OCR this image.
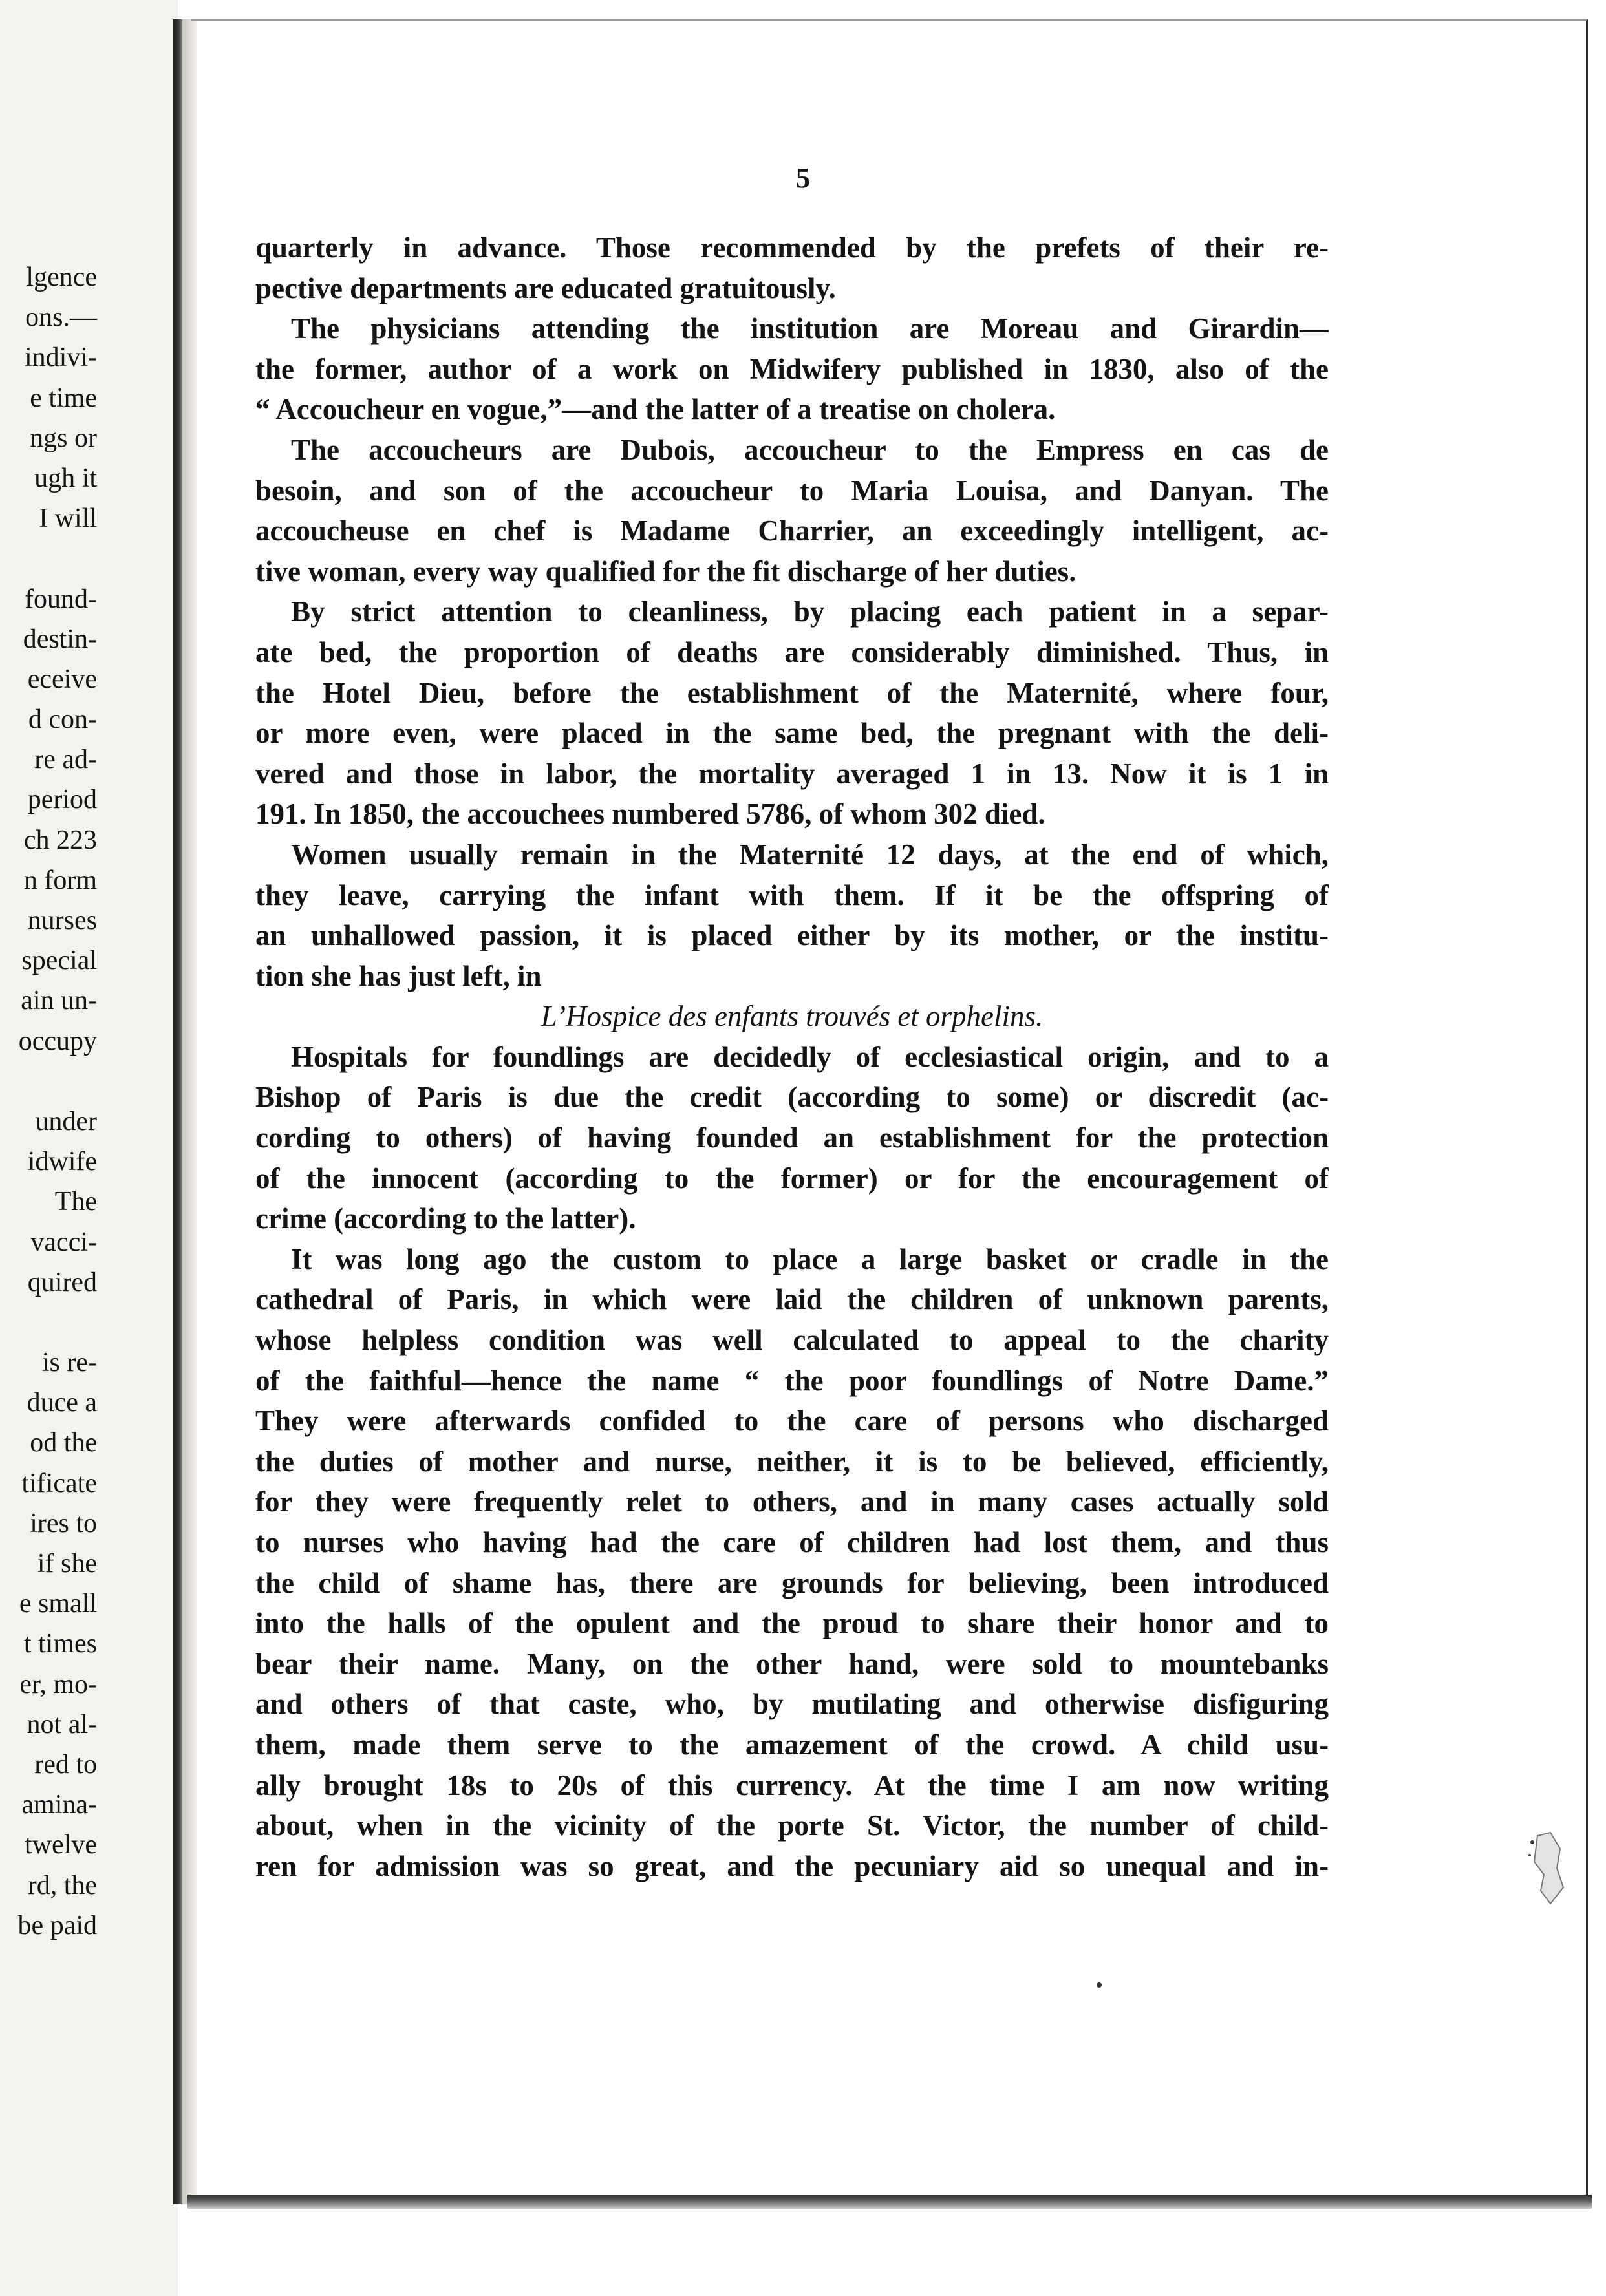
lgence
ons.—
indivi-
e time
ngs or
ugh it
I will
found-
destin-
eceive
d con-
re ad-
period
ch 223
n form
nurses
special
ain un-
occupy
under
idwife
The
vacci-
quired
is re-
duce a
od the
tificate
ires to
if she
e small
t times
er, mo-
not al-
red to
amina-
twelve
rd, the
be paid
5
quarterly in advance. Those recommended by the prefets of their re-
pective departments are educated gratuitously.
The physicians attending the institution are Moreau and Girardin—
the former, author of a work on Midwifery published in 1830, also of the
“ Accoucheur en vogue,”—and the latter of a treatise on cholera.
The accoucheurs are Dubois, accoucheur to the Empress en cas de
besoin, and son of the accoucheur to Maria Louisa, and Danyan. The
accoucheuse en chef is Madame Charrier, an exceedingly intelligent, ac-
tive woman, every way qualified for the fit discharge of her duties.
By strict attention to cleanliness, by placing each patient in a separ-
ate bed, the proportion of deaths are considerably diminished. Thus, in
the Hotel Dieu, before the establishment of the Maternité, where four,
or more even, were placed in the same bed, the pregnant with the deli-
vered and those in labor, the mortality averaged 1 in 13. Now it is 1 in
191. In 1850, the accouchees numbered 5786, of whom 302 died.
Women usually remain in the Maternité 12 days, at the end of which,
they leave, carrying the infant with them. If it be the offspring of
an unhallowed passion, it is placed either by its mother, or the institu-
tion she has just left, in
L’Hospice des enfants trouvés et orphelins.
Hospitals for foundlings are decidedly of ecclesiastical origin, and to a
Bishop of Paris is due the credit (according to some) or discredit (ac-
cording to others) of having founded an establishment for the protection
of the innocent (according to the former) or for the encouragement of
crime (according to the latter).
It was long ago the custom to place a large basket or cradle in the
cathedral of Paris, in which were laid the children of unknown parents,
whose helpless condition was well calculated to appeal to the charity
of the faithful—hence the name “ the poor foundlings of Notre Dame.”
They were afterwards confided to the care of persons who discharged
the duties of mother and nurse, neither, it is to be believed, efficiently,
for they were frequently relet to others, and in many cases actually sold
to nurses who having had the care of children had lost them, and thus
the child of shame has, there are grounds for believing, been introduced
into the halls of the opulent and the proud to share their honor and to
bear their name. Many, on the other hand, were sold to mountebanks
and others of that caste, who, by mutilating and otherwise disfiguring
them, made them serve to the amazement of the crowd. A child usu-
ally brought 18s to 20s of this currency. At the time I am now writing
about, when in the vicinity of the porte St. Victor, the number of child-
ren for admission was so great, and the pecuniary aid so unequal and in-
